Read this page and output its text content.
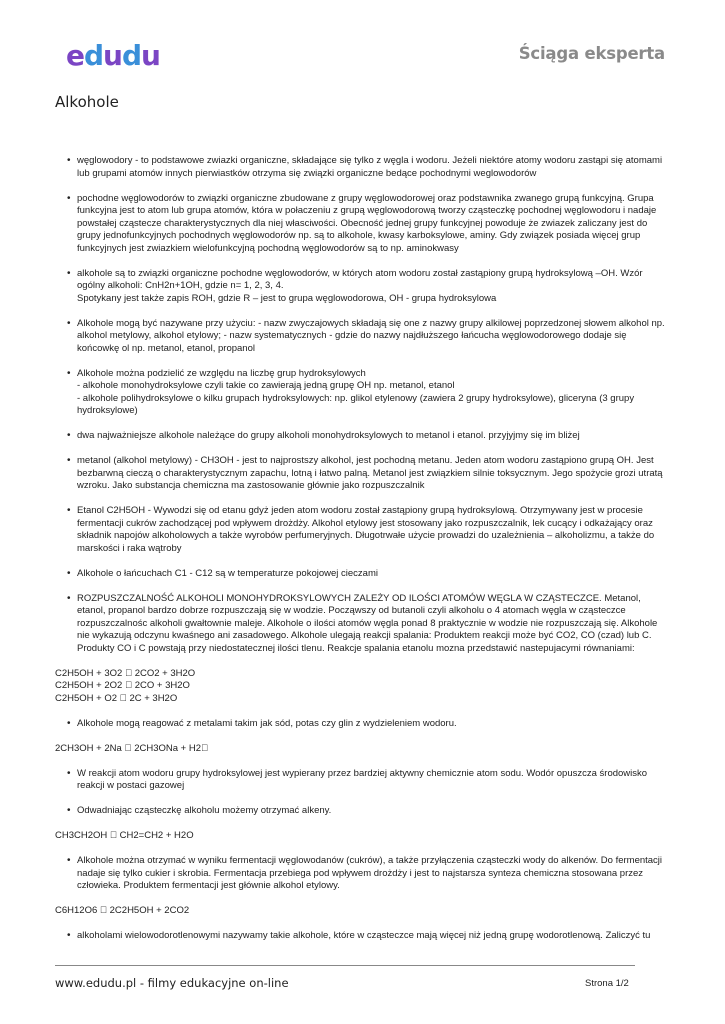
edudu	Ściąga eksperta
Alkohole
• węglowodory - to podstawowe zwiazki organiczne, składające się tylko z węgla i wodoru. Jeżeli niektóre atomy wodoru zastąpi się atomami lub grupami atomów innych pierwiastków otrzyma się związki organiczne bedące pochodnymi weglowodorów
• pochodne węglowodorów to związki organiczne zbudowane z grupy węglowodorowej oraz podstawnika zwanego grupą funkcyjną. Grupa funkcyjna jest to atom lub grupa atomów, która w połaczeniu z grupą węglowodorową tworzy cząsteczkę pochodnej węglowodoru i nadaje powstałej cząstecze charakterystycznych dla niej własciwości. Obecność jednej grupy funkcyjnej powoduje że zwiazek zaliczany jest do grupy jednofunkcyjnych pochodnych węglowodorów np. są to alkohole, kwasy karboksylowe, aminy. Gdy związek posiada więcej grup funkcyjnych jest zwiazkiem wielofunkcyjną pochodną węglowodorów są to np. aminokwasy
• alkohole są to związki organiczne pochodne węglowodorów, w których atom wodoru został zastąpiony grupą hydroksylową –OH. Wzór ogólny alkoholi: CnH2n+1OH, gdzie n= 1, 2, 3, 4.
Spotykany jest także zapis ROH, gdzie R – jest to grupa węglowodorowa, OH - grupa hydroksylowa
• Alkohole mogą być nazywane przy użyciu: - nazw zwyczajowych składają się one z nazwy grupy alkilowej poprzedzonej słowem alkohol np. alkohol metylowy, alkohol etylowy; - nazw systematycznych - gdzie do nazwy najdłuższego łańcucha węglowodorowego dodaje się końcowkę ol np. metanol, etanol, propanol
• Alkohole można podzielić ze względu na liczbę grup hydroksylowych
- alkohole monohydroksylowe czyli takie co zawierają jedną grupę OH np. metanol, etanol
- alkohole polihydroksylowe o kilku grupach hydroksylowych: np. glikol etylenowy (zawiera 2 grupy hydroksylowe), gliceryna (3 grupy hydroksylowe)
• dwa najważniejsze alkohole należące do grupy alkoholi monohydroksylowych to metanol i etanol. przyjyjmy się im bliżej
• metanol (alkohol metylowy) - CH3OH - jest to najprostszy alkohol, jest pochodną metanu. Jeden atom wodoru zastąpiono grupą OH. Jest bezbarwną cieczą o charakterystycznym zapachu, lotną i łatwo palną. Metanol jest związkiem silnie toksycznym. Jego spożycie grozi utratą wzroku. Jako substancja chemiczna ma zastosowanie głównie jako rozpuszczalnik
• Etanol C2H5OH - Wywodzi się od etanu gdyż jeden atom wodoru został zastąpiony grupą hydroksylową. Otrzymywany jest w procesie fermentacji cukrów zachodzącej pod wpływem drożdży. Alkohol etylowy jest stosowany jako rozpuszczalnik, lek cucący i odkażający oraz składnik napojów alkoholowych a także wyrobów perfumeryjnych. Długotrwałe użycie prowadzi do uzależnienia – alkoholizmu, a także do marskości i raka wątroby
• Alkohole o łańcuchach C1 - C12 są w temperaturze pokojowej cieczami
• ROZPUSZCZALNOŚĆ ALKOHOLI MONOHYDROKSYLOWYCH ZALEŻY OD ILOŚCI ATOMÓW WĘGLA W CZĄSTECZCE. Metanol, etanol, propanol bardzo dobrze rozpuszczają się w wodzie. Począwszy od butanoli czyli alkoholu o 4 atomach węgla w cząsteczce rozpuszczalnośc alkoholi gwałtownie maleje. Alkohole o ilości atomów węgla ponad 8 praktycznie w wodzie nie rozpuszczają się. Alkohole nie wykazują odczynu kwaśnego ani zasadowego. Alkohole ulegają reakcji spalania: Produktem reakcji może być CO2, CO (czad) lub C. Produkty CO i C powstają przy niedostatecznej ilości tlenu. Reakcje spalania etanolu mozna przedstawić nastepujacymi równaniami:
C2H5OH + 3O2 2CO2 + 3H2O
C2H5OH + 2O2 2CO + 3H2O
C2H5OH + O2 2C + 3H2O
• Alkohole mogą reagować z metalami takim jak sód, potas czy glin z wydzieleniem wodoru.
2CH3OH + 2Na 2CH3ONa + H2
• W reakcji atom wodoru grupy hydroksylowej jest wypierany przez bardziej aktywny chemicznie atom sodu. Wodór opuszcza środowisko reakcji w postaci gazowej
• Odwadniając cząsteczkę alkoholu możemy otrzymać alkeny.
CH3CH2OH CH2=CH2 + H2O
• Alkohole można otrzymać w wyniku fermentacji węglowodanów (cukrów), a także przyłączenia cząsteczki wody do alkenów. Do fermentacji nadaje się tylko cukier i skrobia. Fermentacja przebiega pod wpływem drożdży i jest to najstarsza synteza chemiczna stosowana przez człowieka. Produktem fermentacji jest głównie alkohol etylowy.
C6H12O6 2C2H5OH + 2CO2
• alkoholami wielowodorotlenowymi nazywamy takie alkohole, które w cząsteczce mają więcej niż jedną grupę wodorotlenową. Zaliczyć tu
www.edudu.pl - filmy edukacyjne on-line	Strona 1/2
